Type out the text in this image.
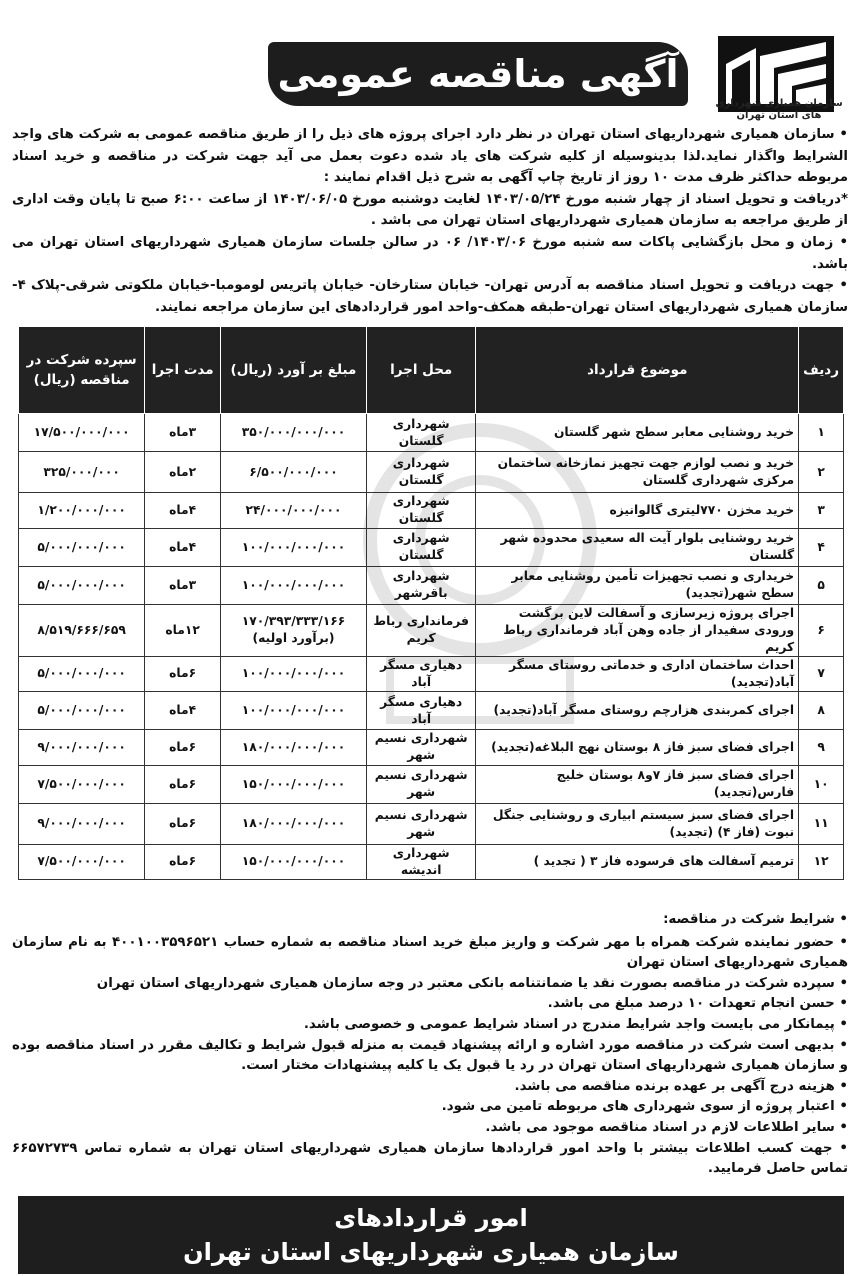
آگهی مناقصه عمومی
سازمان همیاری شهرداری های استان تهران

• سازمان همیاری شهرداریهای استان تهران در نظر دارد اجرای پروژه های ذیل را از طریق مناقصه عمومی به شرکت های واجد الشرایط واگذار نماید.لذا بدینوسیله از کلیه شرکت های یاد شده دعوت بعمل می آید جهت شرکت در مناقصه و خرید اسناد مربوطه حداکثر ظرف مدت ۱۰ روز از تاریخ چاپ آگهی به شرح ذیل اقدام نمایند :

*دریافت و تحویل اسناد از چهار شنبه مورخ ۱۴۰۳/۰۵/۲۴ لغایت دوشنبه مورخ ۱۴۰۳/۰۶/۰۵ از ساعت ۶:۰۰ صبح تا پایان وقت اداری از طریق مراجعه به سازمان همیاری شهرداریهای استان تهران می باشد .

• زمان و محل بازگشایی پاکات سه شنبه مورخ ۱۴۰۳/۰۶/ ۰۶ در سالن جلسات سازمان همیاری شهرداریهای استان تهران می باشد.

• جهت دریافت و تحویل اسناد مناقصه به آدرس تهران- خیابان ستارخان- خیابان پاتریس لومومبا-خیابان ملکوتی شرقی-پلاک ۴- سازمان همیاری شهرداریهای استان تهران-طبقه همکف-واحد امور قراردادهای این سازمان مراجعه نمایند.

ردیف	موضوع قرارداد	محل اجرا	مبلغ بر آورد (ریال)	مدت اجرا	سپرده شرکت در مناقصه (ریال)
۱	خرید روشنایی معابر سطح شهر گلستان	شهرداری گلستان	۳۵۰/۰۰۰/۰۰۰/۰۰۰	۳ماه	۱۷/۵۰۰/۰۰۰/۰۰۰
۲	خرید و نصب لوازم جهت تجهیز نمازخانه ساختمان مرکزی شهرداری گلستان	شهرداری گلستان	۶/۵۰۰/۰۰۰/۰۰۰	۲ماه	۳۲۵/۰۰۰/۰۰۰
۳	خرید مخزن ۷۷۰لیتری گالوانیزه	شهرداری گلستان	۲۴/۰۰۰/۰۰۰/۰۰۰	۴ماه	۱/۲۰۰/۰۰۰/۰۰۰
۴	خرید روشنایی بلوار آیت اله سعیدی محدوده شهر گلستان	شهرداری گلستان	۱۰۰/۰۰۰/۰۰۰/۰۰۰	۴ماه	۵/۰۰۰/۰۰۰/۰۰۰
۵	خریداری و نصب تجهیزات تأمین روشنایی معابر سطح شهر(تجدید)	شهرداری باقرشهر	۱۰۰/۰۰۰/۰۰۰/۰۰۰	۳ماه	۵/۰۰۰/۰۰۰/۰۰۰
۶	اجرای پروژه زیرسازی و آسفالت لاین برگشت ورودی سفیدار از جاده وهن آباد فرمانداری رباط کریم	فرمانداری رباط کریم	۱۷۰/۳۹۳/۳۳۳/۱۶۶ (برآورد اولیه)	۱۲ماه	۸/۵۱۹/۶۶۶/۶۵۹
۷	احداث ساختمان اداری و خدماتی روستای مسگر آباد(تجدید)	دهیاری مسگر آباد	۱۰۰/۰۰۰/۰۰۰/۰۰۰	۶ماه	۵/۰۰۰/۰۰۰/۰۰۰
۸	اجرای کمربندی هزارچم روستای مسگر آباد(تجدید)	دهیاری مسگر آباد	۱۰۰/۰۰۰/۰۰۰/۰۰۰	۴ماه	۵/۰۰۰/۰۰۰/۰۰۰
۹	اجرای فضای سبز فاز ۸ بوستان نهج البلاغه(تجدید)	شهرداری نسیم شهر	۱۸۰/۰۰۰/۰۰۰/۰۰۰	۶ماه	۹/۰۰۰/۰۰۰/۰۰۰
۱۰	اجرای فضای سبز فاز ۷و۸ بوستان خلیج فارس(تجدید)	شهرداری نسیم شهر	۱۵۰/۰۰۰/۰۰۰/۰۰۰	۶ماه	۷/۵۰۰/۰۰۰/۰۰۰
۱۱	اجرای فضای سبز سیستم ابیاری و روشنایی جنگل نبوت (فاز ۴) (تجدید)	شهرداری نسیم شهر	۱۸۰/۰۰۰/۰۰۰/۰۰۰	۶ماه	۹/۰۰۰/۰۰۰/۰۰۰
۱۲	ترمیم آسفالت های فرسوده فاز ۳ ( تجدید )	شهرداری اندیشه	۱۵۰/۰۰۰/۰۰۰/۰۰۰	۶ماه	۷/۵۰۰/۰۰۰/۰۰۰

• شرایط شرکت در مناقصه:

• حضور نماینده شرکت همراه با مهر شرکت و واریز مبلغ خرید اسناد مناقصه به شماره حساب ۴۰۰۱۰۰۳۵۹۶۵۲۱ به نام سازمان همیاری شهرداریهای استان تهران

• سپرده شرکت در مناقصه بصورت نقد یا ضمانتنامه بانکی معتبر در وجه سازمان همیاری شهرداریهای استان تهران

• حسن انجام تعهدات ۱۰ درصد مبلغ می باشد.

• پیمانکار می بایست واجد شرایط مندرج در اسناد شرایط عمومی و خصوصی باشد.

• بدیهی است شرکت در مناقصه مورد اشاره و ارائه پیشنهاد قیمت به منزله قبول شرایط و تکالیف مقرر در اسناد مناقصه بوده و سازمان همیاری شهرداریهای استان تهران در رد یا قبول یک یا کلیه پیشنهادات مختار است.

• هزینه درج آگهی بر عهده برنده مناقصه می باشد.

• اعتبار پروژه از سوی شهرداری های مربوطه تامین می شود.

• سایر اطلاعات لازم در اسناد مناقصه موجود می باشد.

• جهت کسب اطلاعات بیشتر با واحد امور قراردادها سازمان همیاری شهرداریهای استان تهران به شماره تماس ۶۶۵۷۲۷۳۹ تماس حاصل فرمایید.

امور قراردادهای
سازمان همیاری شهرداریهای استان تهران
